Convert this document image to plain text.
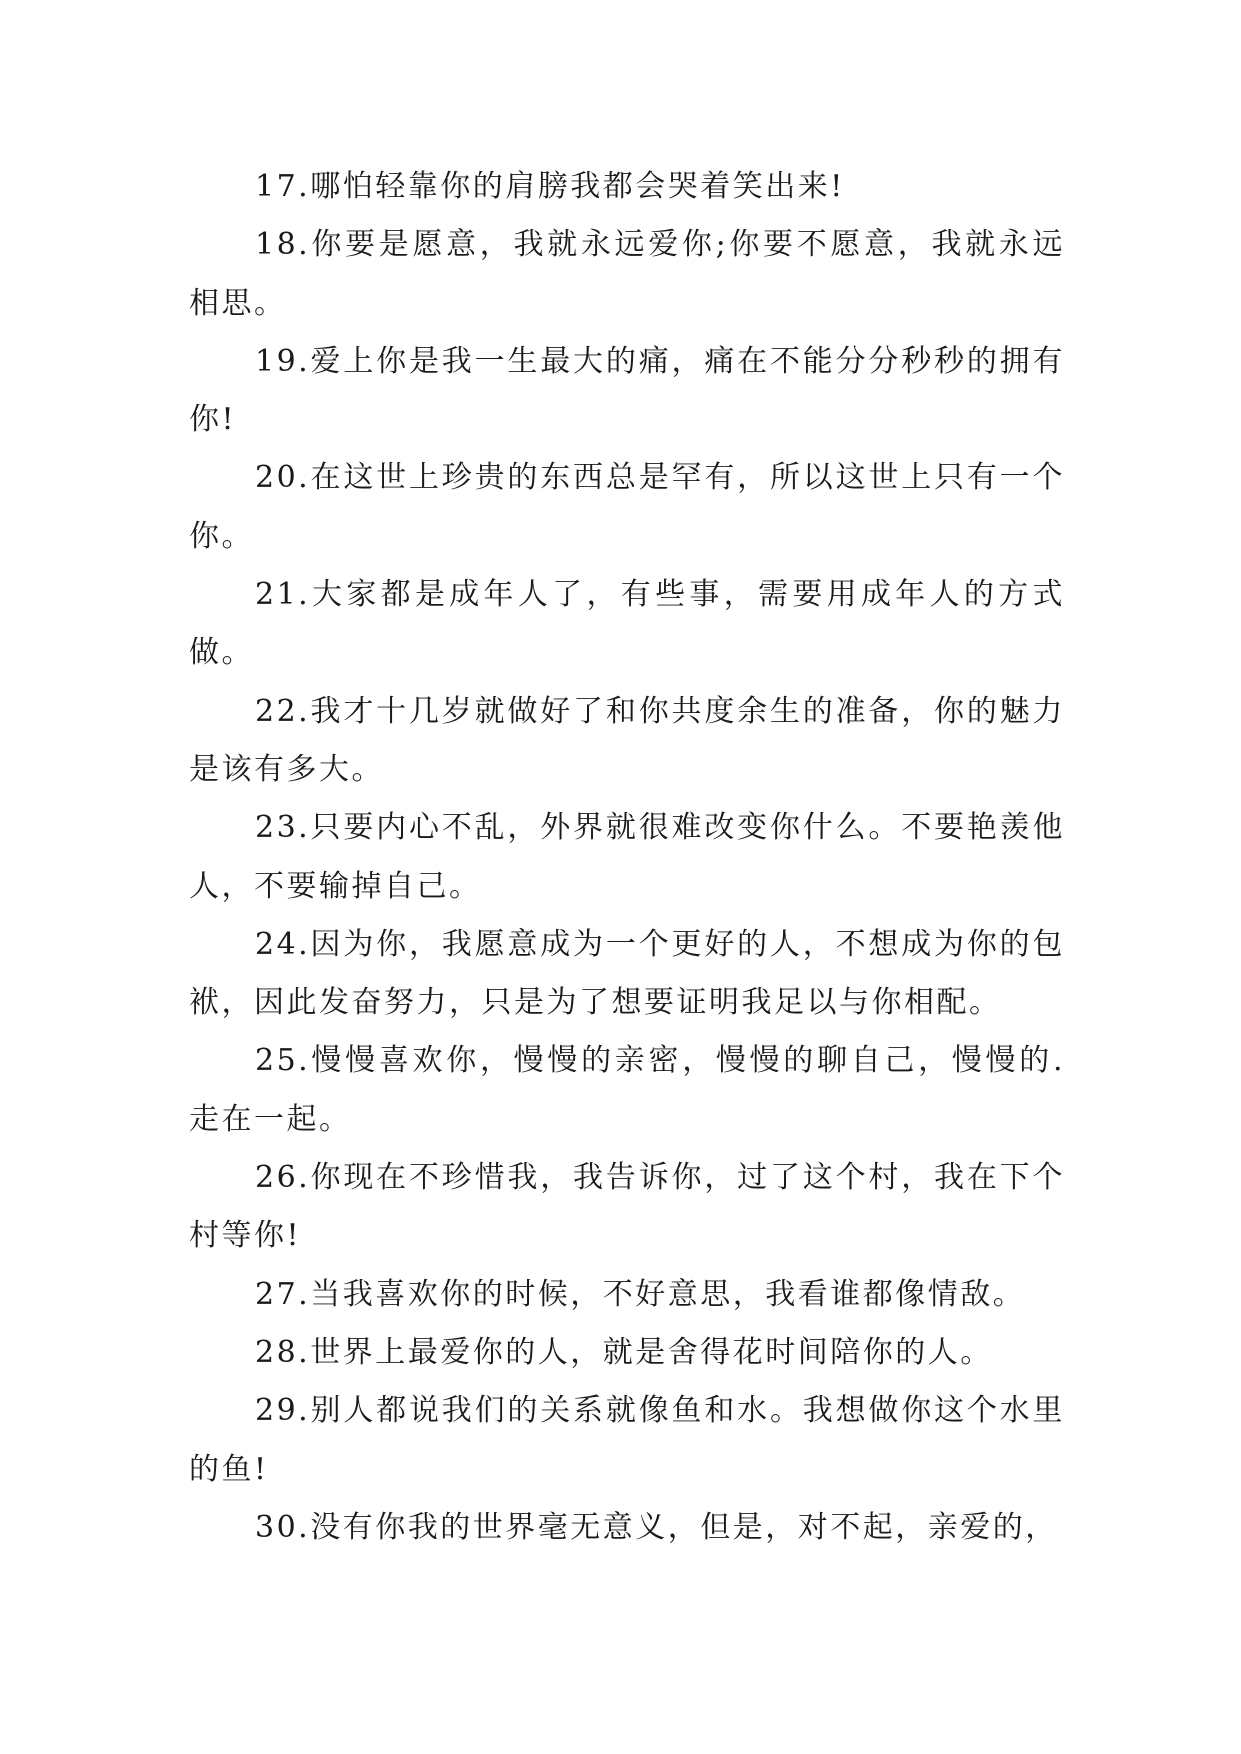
17.哪怕轻靠你的肩膀我都会哭着笑出来!

18.你要是愿意，我就永远爱你;你要不愿意，我就永远相思。

19.爱上你是我一生最大的痛，痛在不能分分秒秒的拥有你!

20.在这世上珍贵的东西总是罕有，所以这世上只有一个你。

21.大家都是成年人了，有些事，需要用成年人的方式做。

22.我才十几岁就做好了和你共度余生的准备，你的魅力是该有多大。

23.只要内心不乱，外界就很难改变你什么。不要艳羡他人，不要输掉自己。

24.因为你，我愿意成为一个更好的人，不想成为你的包袱，因此发奋努力，只是为了想要证明我足以与你相配。

25.慢慢喜欢你，慢慢的亲密，慢慢的聊自己，慢慢的.走在一起。

26.你现在不珍惜我，我告诉你，过了这个村，我在下个村等你!

27.当我喜欢你的时候，不好意思，我看谁都像情敌。

28.世界上最爱你的人，就是舍得花时间陪你的人。

29.别人都说我们的关系就像鱼和水。我想做你这个水里的鱼!

30.没有你我的世界毫无意义，但是，对不起，亲爱的，
